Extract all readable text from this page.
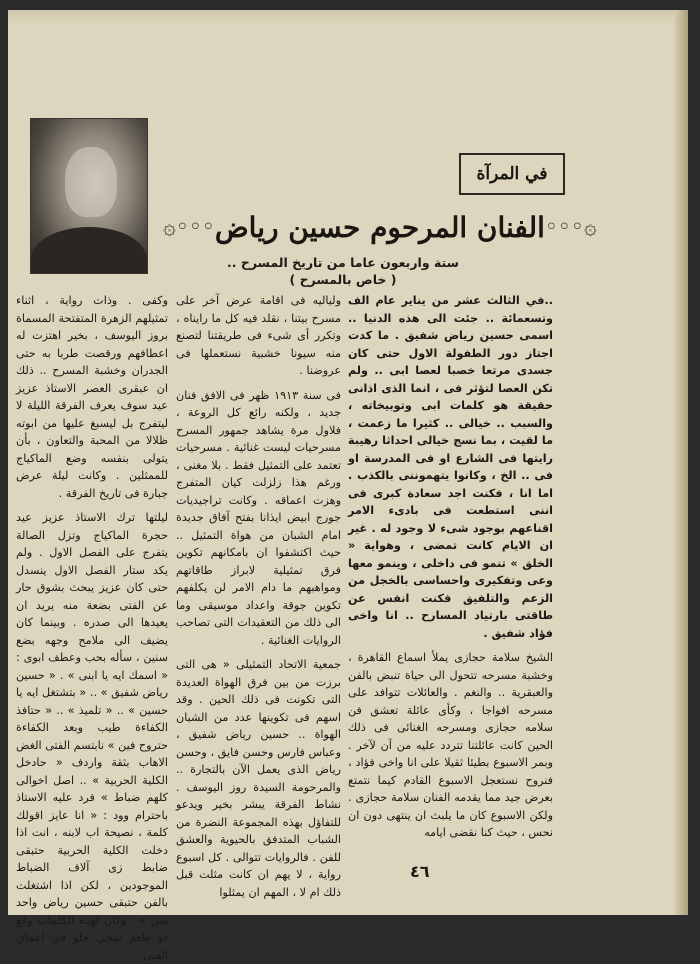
في المرآة
۞◦◦◦ الفنان المرحوم حسين رياض ◦◦◦۞
ستة واربعون عاما من تاريخ المسرح ..
( خاص بالمسرح )

..في الثالث عشر من يناير عام الف وتسعمائة .. جئت الى هذه الدنيا .. اسمى حسين رياض شفيق . ما كدت اجتاز دور الطفولة الاول حتى كان جسدى مرتعا خصبا لعصا ابى .. ولم تكن العصا لتؤثر فى ، انما الذى اذانى حقيقة هو كلمات ابى وتوبيخاته ، والسبب .. خيالى .. كثيرا ما زعمت ، ما لقيت ، بما نسج خيالى احداثا رهيبة رايتها فى الشارع او فى المدرسة او فى .. الخ ، وكانوا يتهموننى بالكذب . اما انا ، فكنت اجد سعادة كبرى فى اننى استطعت فى بادىء الامر اقناعهم بوجود شىء لا وجود له . غير ان الايام كانت تمضى ، وهواية « الخلق » تنمو فى داخلى ، وينمو معها وعى وتفكيرى واحساسى بالخجل من الزعم والتلفيق فكنت انفس عن طاقتى بارتياد المسارح .. انا واخى فؤاد شفيق .

الشيخ سلامة حجازى يملأ اسماع القاهرة ، وخشبة مسرحه تتحول الى حياة تنبض بالفن والعبقرية .. والنغم . والعائلات تتوافد على مسرحه افواجا ، وكأى عائلة تعشق فن سلامه حجازى ومسرحه الغنائى فى ذلك الحين كانت عائلتنا تتردد عليه من آن لآخر . وبمر الاسبوع بطيئا ثقيلا على انا واخى فؤاد ، فنروح نستعجل الاسبوع القادم كيما نتمتع بعرض جيد مما يقدمه الفنان سلامة حجازى . ولكن الاسبوع كان ما يلبث ان ينتهى دون ان نحس ، حيث كنا نقضى ايامه

ولياليه فى اقامة عرض آخر على مسرح بيتنا ، نقلد فيه كل ما رايناه ، وتكرر أى شىء فى طريقتنا لتصنع منه سيونا خشبية نستعملها فى عروضنا .

فى سنة ١٩١٣ ظهر فى الافق فنان جديد ، ولكنه رائع كل الروعة ، فلاول مرة يشاهد جمهور المسرح مسرحيات ليست غنائية . مسرحيات تعتمد على التمثيل فقط . بلا مغنى ، ورغم هذا زلزلت كيان المتفرج وهزت اعماقه . وكانت تراجيديات جورج ابيض ايذانا بفتح آفاق جديدة امام الشبان من هواة التمثيل .. حيث اكتشفوا ان بامكانهم تكوين فرق تمثيلية لابراز طاقاتهم ومواهبهم ما دام الامر لن يكلفهم تكوين جوقة واعداد موسيقى وما الى ذلك من التعقيدات التى تصاحب الروايات الغنائية .

جمعية الاتحاد التمثيلى « هى التى برزت من بين فرق الهواة العديدة التى تكونت فى ذلك الحين . وقد اسهم فى تكوينها عدد من الشبان الهواة .. حسين رياض شفيق ، وعباس فارس وحسن فايق ، وحسن رياض الذى يعمل الآن بالتجارة .. والمرحومة السيدة روز اليوسف . نشاط الفرقة يبشر بخير ويدعو للتفاؤل بهذه المجموعة النضرة من الشباب المتدفق بالحيوية والعشق للفن . فالروايات تتوالى . كل اسبوع رواية ، لا يهم ان كانت مثلت قبل ذلك ام لا ، المهم ان يمثلوا

وكفى . وذات رواية ، اثناء تمثيلهم الزهرة المتفتحة المسماة بروز اليوسف ، بخير اهتزت له اعطافهم ورقصت طربا به حتى الجدران وخشبة المسرح .. ذلك ان عبقرى العصر الاستاذ عزيز عيد سوف يعرف الفرقة الليلة لا ليتفرج بل ليسبغ عليها من ابوته ظلالا من المحبة والتعاون ، بأن يتولى بنفسه وضع الماكياج للممثلين . وكانت ليلة عرض جبارة فى تاريخ الفرقة .

ليلتها ترك الاستاذ عزيز عيد حجرة الماكياج وتزل الصالة يتفرج على الفصل الاول . ولم يكد ستار الفصل الاول ينسدل حتى كان عزيز يبحث بشوق حار عن الفتى بضعة منه يريد ان يعيدها الى صدره . وبينما كان يضيف الى ملامح وجهه بضع سنين ، سأله بحب وعطف ابوى : « اسمك ايه يا ابنى » . « حسين رياض شفيق » .. « بتشتغل ايه يا حسين » .. « تلميذ » .. « حتافذ الكفاءة طيب وبعد الكفاءة حتروح فين » نابتسم الفتى الغض الاهاب بثقة واردف « حادخل الكلية الحربية » .. اصل اخوالى كلهم ضباط » فرد عليه الاستاذ باحترام وود : « انا عايز اقولك كلمة ، نصيحة اب لابنه ، انت اذا دخلت الكلية الحربية حتبقى ضابط زى آلاف الضباط الموجودين ، لكن اذا اشتغلت بالفن حتبقى حسين رياض واحد بس » . وكان لهذه الكلمات وقع ذو طعم شجى حلو فى اعماق الفتى .

٤٦
